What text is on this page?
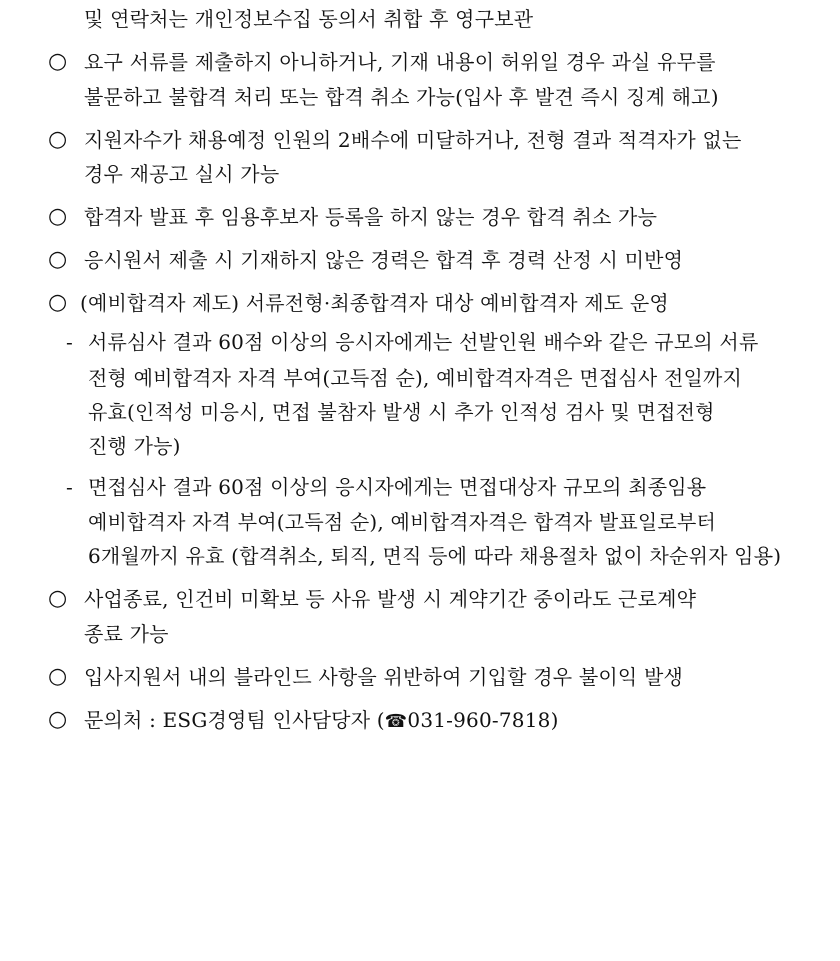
및 연락처는 개인정보수집 동의서 취합 후 영구보관
○ 요구 서류를 제출하지 아니하거나, 기재 내용이 허위일 경우 과실 유무를
불문하고 불합격 처리 또는 합격 취소 가능(입사 후 발견 즉시 징계 해고)
○ 지원자수가 채용예정 인원의 2배수에 미달하거나, 전형 결과 적격자가 없는
경우 재공고 실시 가능
○ 합격자 발표 후 임용후보자 등록을 하지 않는 경우 합격 취소 가능
○ 응시원서 제출 시 기재하지 않은 경력은 합격 후 경력 산정 시 미반영
○ (예비합격자 제도) 서류전형·최종합격자 대상 예비합격자 제도 운영
- 서류심사 결과 60점 이상의 응시자에게는 선발인원 배수와 같은 규모의 서류
전형 예비합격자 자격 부여(고득점 순), 예비합격자격은 면접심사 전일까지
유효(인적성 미응시, 면접 불참자 발생 시 추가 인적성 검사 및 면접전형
진행 가능)
- 면접심사 결과 60점 이상의 응시자에게는 면접대상자 규모의 최종임용
예비합격자 자격 부여(고득점 순), 예비합격자격은 합격자 발표일로부터
6개월까지 유효 (합격취소, 퇴직, 면직 등에 따라 채용절차 없이 차순위자 임용)
○ 사업종료, 인건비 미확보 등 사유 발생 시 계약기간 중이라도 근로계약
종료 가능
○ 입사지원서 내의 블라인드 사항을 위반하여 기입할 경우 불이익 발생
○ 문의처 : ESG경영팀 인사담당자 (☎031-960-7818)
